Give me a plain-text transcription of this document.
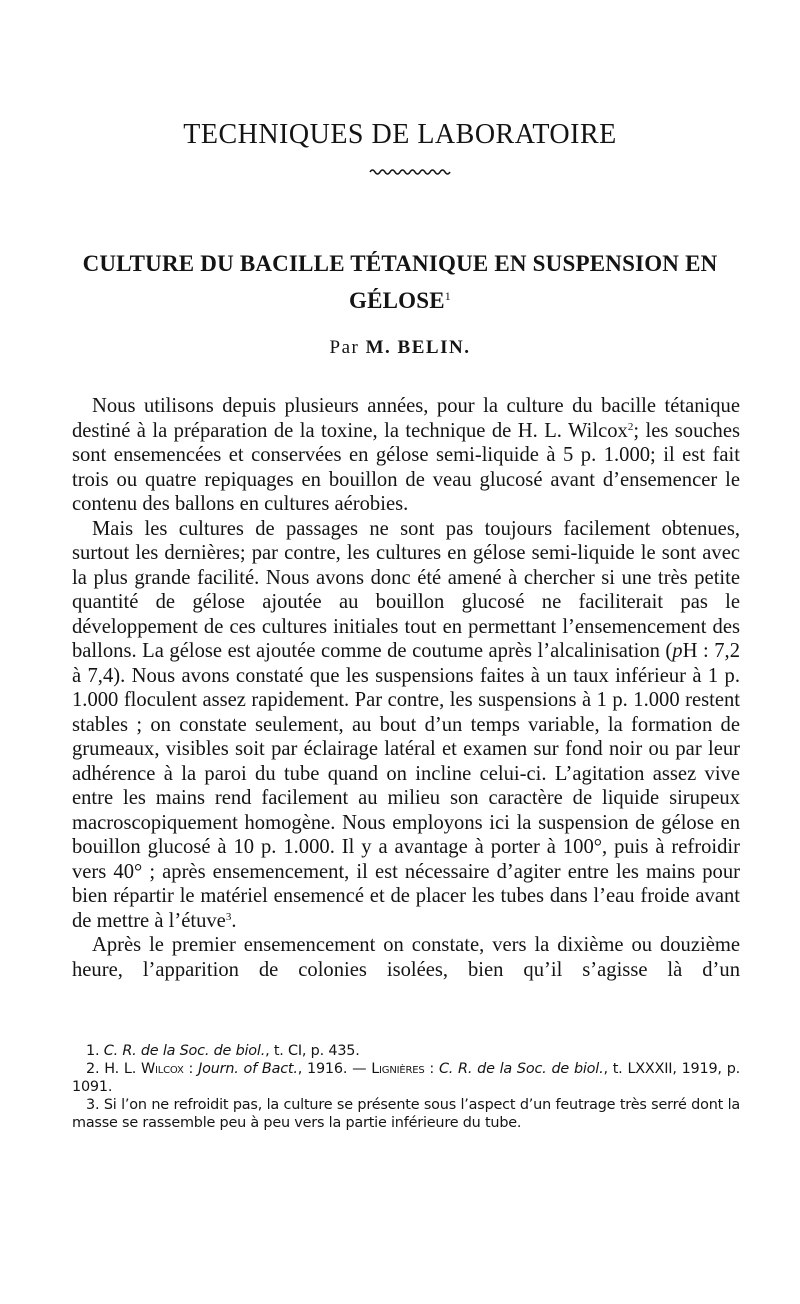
TECHNIQUES DE LABORATOIRE
CULTURE DU BACILLE TÉTANIQUE EN SUSPENSION EN GÉLOSE$^1$
Par M. BELIN.

Nous utilisons depuis plusieurs années, pour la culture du bacille tétanique destiné à la préparation de la toxine, la technique de H. L. Wilcox$^2$; les souches sont ensemencées et conservées en gélose semi-liquide à 5 p. 1.000; il est fait trois ou quatre repiquages en bouillon de veau glucosé avant d’ensemencer le contenu des ballons en cultures aérobies.

Mais les cultures de passages ne sont pas toujours facilement obtenues, surtout les dernières; par contre, les cultures en gélose semi-liquide le sont avec la plus grande facilité. Nous avons donc été amené à chercher si une très petite quantité de gélose ajoutée au bouillon glucosé ne faciliterait pas le développement de ces cultures initiales tout en permettant l’ensemencement des ballons. La gélose est ajoutée comme de coutume après l’alcalinisation (pH : 7,2 à 7,4). Nous avons constaté que les suspensions faites à un taux inférieur à 1 p. 1.000 floculent assez rapidement. Par contre, les suspensions à 1 p. 1.000 restent stables ; on constate seulement, au bout d’un temps variable, la formation de grumeaux, visibles soit par éclairage latéral et examen sur fond noir ou par leur adhérence à la paroi du tube quand on incline celui-ci. L’agitation assez vive entre les mains rend facilement au milieu son caractère de liquide sirupeux macroscopiquement homogène. Nous employons ici la suspension de gélose en bouillon glucosé à 10 p. 1.000. Il y a avantage à porter à 100°, puis à refroidir vers 40° ; après ensemencement, il est nécessaire d’agiter entre les mains pour bien répartir le matériel ensemencé et de placer les tubes dans l’eau froide avant de mettre à l’étuve$^3$.

Après le premier ensemencement on constate, vers la dixième ou douzième heure, l’apparition de colonies isolées, bien qu’il s’agisse là d’un

1. C. R. de la Soc. de biol., t. CI, p. 435.

2. H. L. Wilcox : Journ. of Bact., 1916. — Lignières : C. R. de la Soc. de biol., t. LXXXII, 1919, p. 1091.

3. Si l’on ne refroidit pas, la culture se présente sous l’aspect d’un feutrage très serré dont la masse se rassemble peu à peu vers la partie inférieure du tube.
